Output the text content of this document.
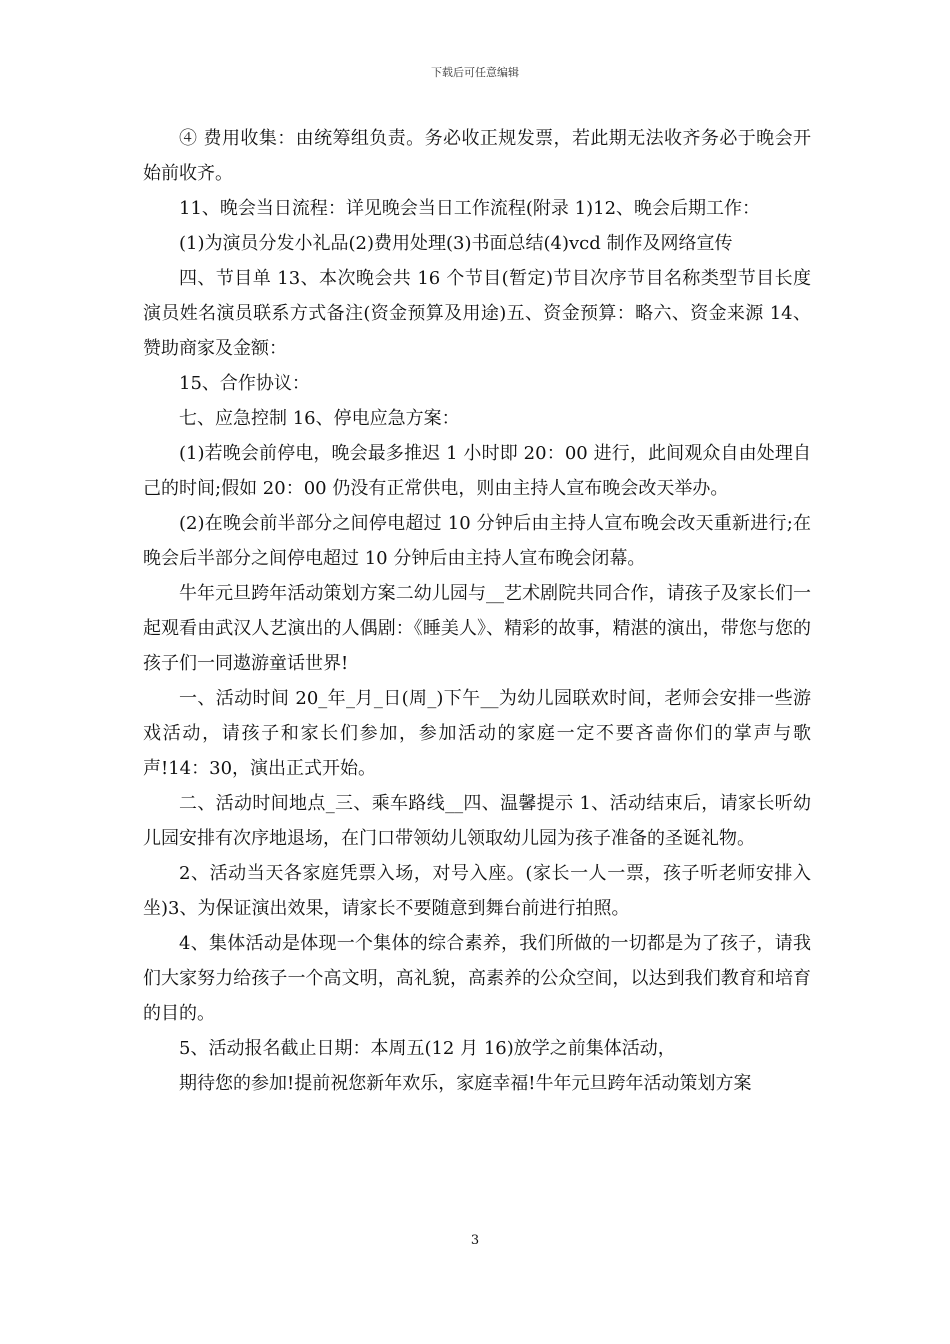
下载后可任意编辑

④ 费用收集：由统筹组负责。务必收正规发票，若此期无法收齐务必于晚会开始前收齐。

11、晚会当日流程：详见晚会当日工作流程(附录 1)12、晚会后期工作：

(1)为演员分发小礼品(2)费用处理(3)书面总结(4)vcd 制作及网络宣传

四、节目单 13、本次晚会共 16 个节目(暂定)节目次序节目名称类型节目长度演员姓名演员联系方式备注(资金预算及用途)五、资金预算：略六、资金来源 14、赞助商家及金额：

15、合作协议：

七、应急控制 16、停电应急方案：

(1)若晚会前停电，晚会最多推迟 1 小时即 20：00 进行，此间观众自由处理自己的时间;假如 20：00 仍没有正常供电，则由主持人宣布晚会改天举办。

(2)在晚会前半部分之间停电超过 10 分钟后由主持人宣布晚会改天重新进行;在晚会后半部分之间停电超过 10 分钟后由主持人宣布晚会闭幕。

牛年元旦跨年活动策划方案二幼儿园与__艺术剧院共同合作，请孩子及家长们一起观看由武汉人艺演出的人偶剧：《睡美人》、精彩的故事，精湛的演出，带您与您的孩子们一同遨游童话世界!

一、活动时间 20_年_月_日(周_)下午__为幼儿园联欢时间，老师会安排一些游戏活动，请孩子和家长们参加，参加活动的家庭一定不要吝啬你们的掌声与歌声!14：30，演出正式开始。

二、活动时间地点_三、乘车路线__四、温馨提示 1、活动结束后，请家长听幼儿园安排有次序地退场，在门口带领幼儿领取幼儿园为孩子准备的圣诞礼物。

2、活动当天各家庭凭票入场，对号入座。(家长一人一票，孩子听老师安排入坐)3、为保证演出效果，请家长不要随意到舞台前进行拍照。

4、集体活动是体现一个集体的综合素养，我们所做的一切都是为了孩子，请我们大家努力给孩子一个高文明，高礼貌，高素养的公众空间，以达到我们教育和培育的目的。

5、活动报名截止日期：本周五(12 月 16)放学之前集体活动，

期待您的参加!提前祝您新年欢乐，家庭幸福!牛年元旦跨年活动策划方案

3
